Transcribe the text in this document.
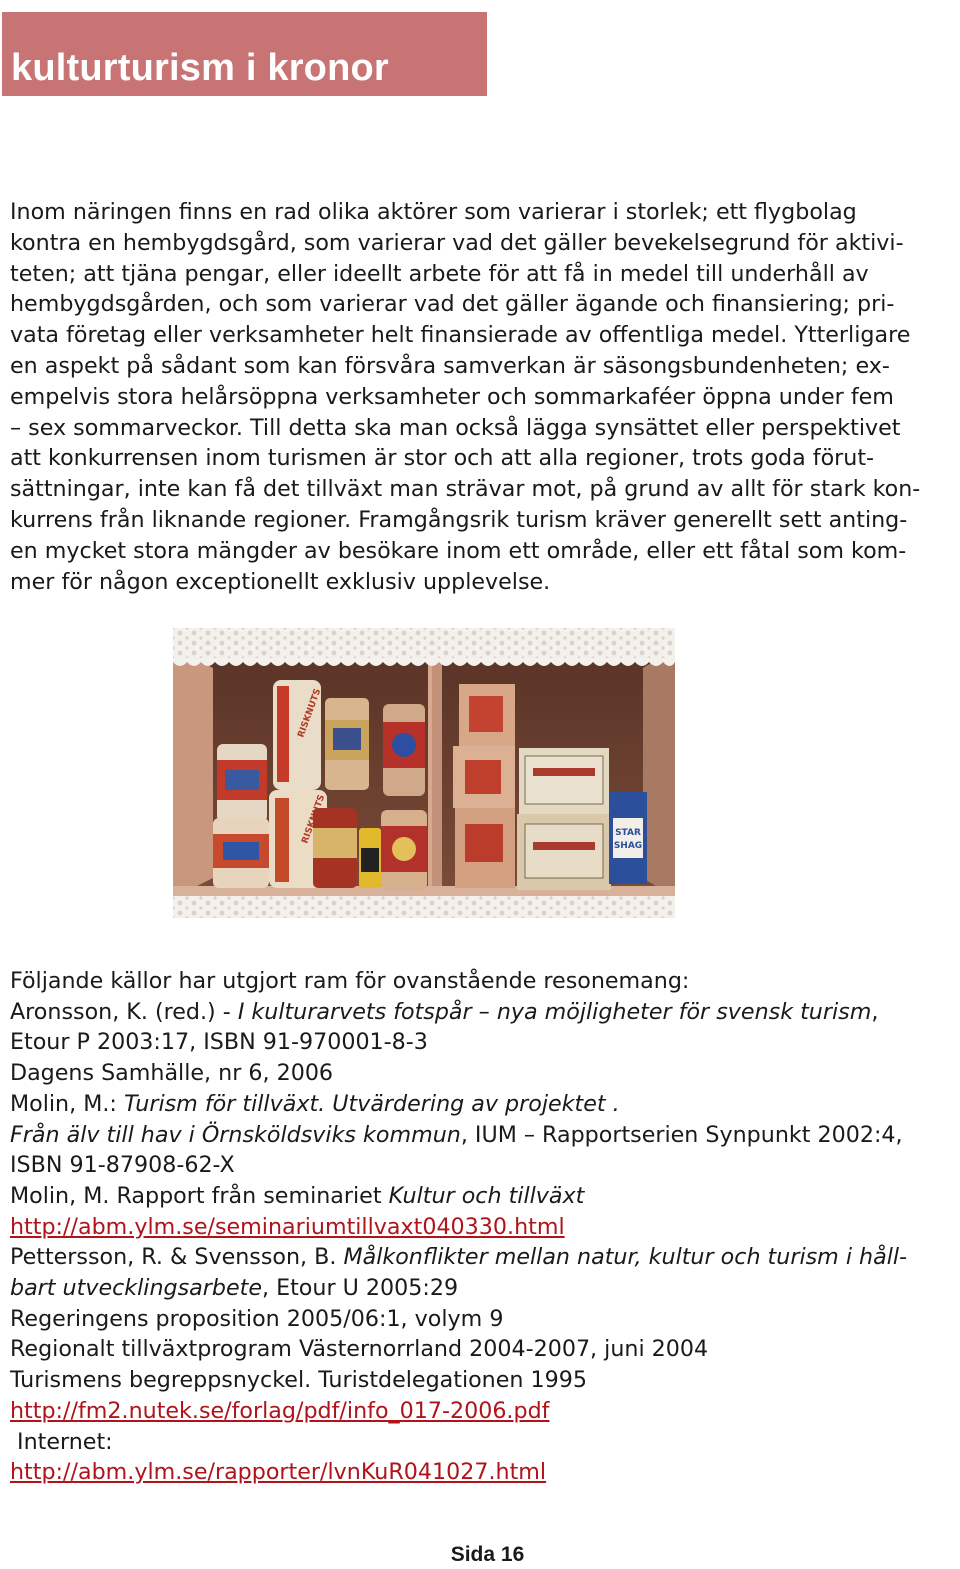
kulturturism i kronor

Inom näringen finns en rad olika aktörer som varierar i storlek; ett flygbolag
kontra en hembygdsgård, som varierar vad det gäller bevekelsegrund för aktivi-
teten; att tjäna pengar, eller ideellt arbete för att få in medel till underhåll av
hembygdsgården, och som varierar vad det gäller ägande och finansiering; pri-
vata företag eller verksamheter helt finansierade av offentliga medel. Ytterligare
en aspekt på sådant som kan försvåra samverkan är säsongsbundenheten; ex-
empelvis stora helårsöppna verksamheter och sommarkaféer öppna under fem
– sex sommarveckor. Till detta ska man också lägga synsättet eller perspektivet
att konkurrensen inom turismen är stor och att alla regioner, trots goda förut-
sättningar, inte kan få det tillväxt man strävar mot, på grund av allt för stark kon-
kurrens från liknande regioner. Framgångsrik turism kräver generellt sett anting-
en mycket stora mängder av besökare inom ett område, eller ett fåtal som kom-
mer för någon exceptionellt exklusiv upplevelse.

RISKNUTS
STAR
SHAG
Följande källor har utgjort ram för ovanstående resonemang:
Aronsson, K. (red.) - I kulturarvets fotspår – nya möjligheter för svensk turism,
Etour P 2003:17, ISBN 91-970001-8-3
Dagens Samhälle, nr 6, 2006
Molin, M.: Turism för tillväxt. Utvärdering av projektet .
Från älv till hav i Örnsköldsviks kommun, IUM – Rapportserien Synpunkt 2002:4,
ISBN 91-87908-62-X
Molin, M. Rapport från seminariet Kultur och tillväxt
http://abm.ylm.se/seminariumtillvaxt040330.html
Pettersson, R. & Svensson, B. Målkonflikter mellan natur, kultur och turism i håll-
bart utvecklingsarbete, Etour U 2005:29
Regeringens proposition 2005/06:1, volym 9
Regionalt tillväxtprogram Västernorrland 2004-2007, juni 2004
Turismens begreppsnyckel. Turistdelegationen 1995
http://fm2.nutek.se/forlag/pdf/info_017-2006.pdf
Internet:
http://abm.ylm.se/rapporter/lvnKuR041027.html
Sida 16
